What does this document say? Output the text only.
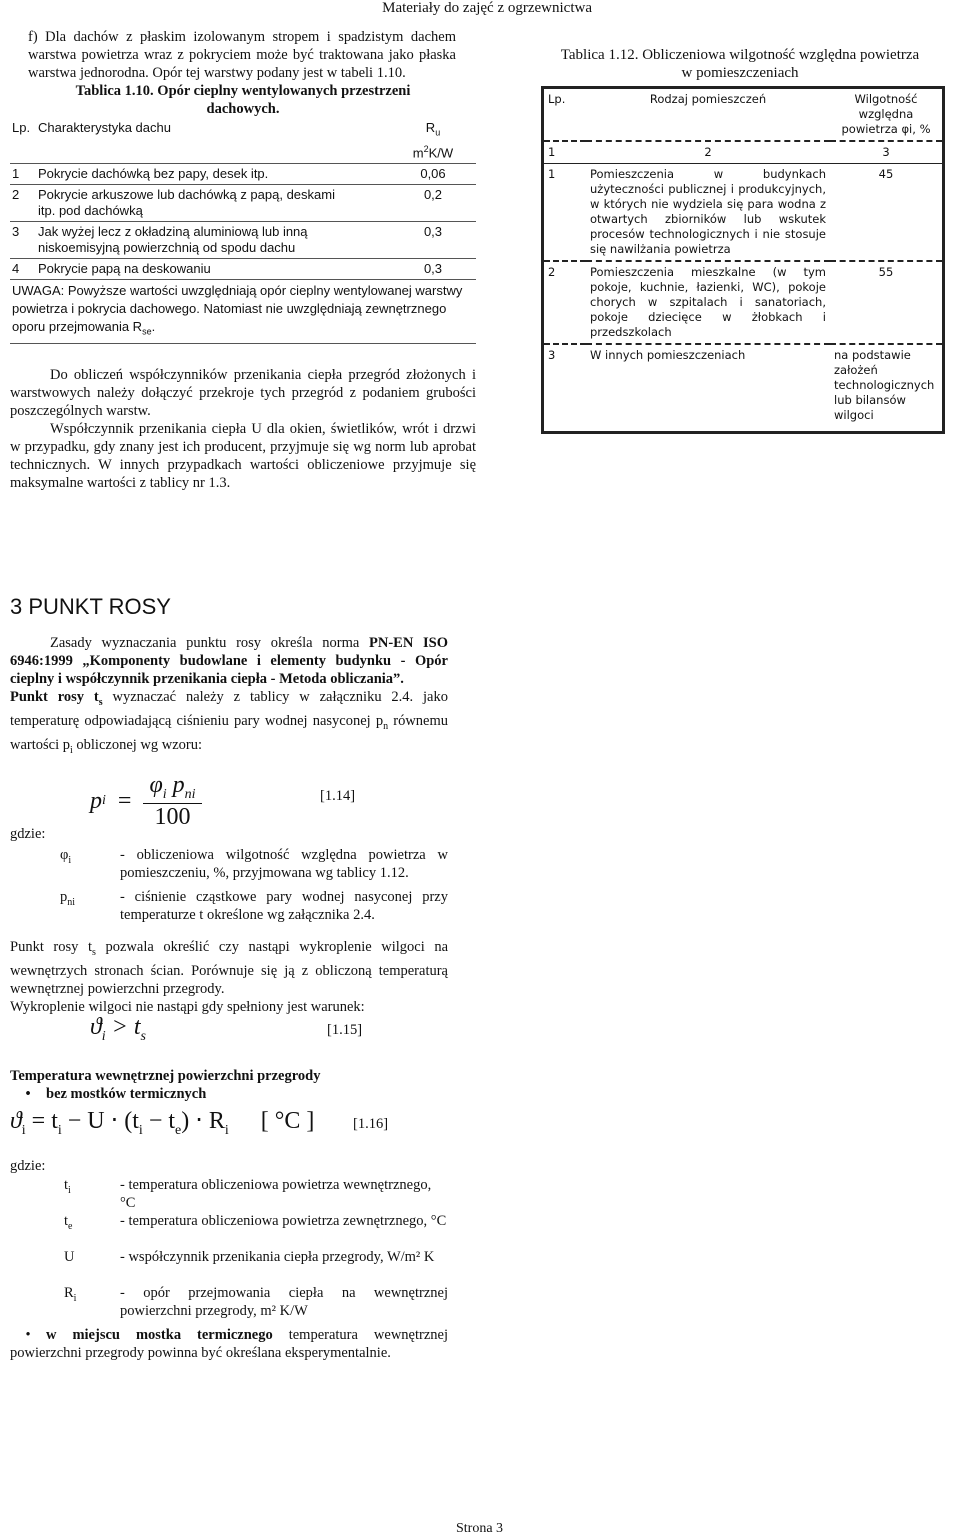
Materiały do zajęć z ogrzewnictwa
f) Dla dachów z płaskim izolowanym stropem i spadzistym dachem warstwa powietrza wraz z pokryciem może być traktowana jako płaska warstwa jednorodna. Opór tej warstwy podany jest w tabeli 1.10.
Tablica 1.10. Opór cieplny wentylowanych przestrzeni dachowych.
Lp.	Charakterystyka dachu	$R_u$
$m^2K/W$
1	Pokrycie dachówką bez papy, desek itp.	0,06
2	Pokrycie arkuszowe lub dachówką z papą, deskami itp. pod dachówką	0,2
3	Jak wyżej lecz z okładziną aluminiową lub inną niskoemisyjną powierzchnią od spodu dachu	0,3
4	Pokrycie papą na deskowaniu	0,3
UWAGA: Powyższe wartości uwzględniają opór cieplny wentylowanej warstwy powietrza i pokrycia dachowego. Natomiast nie uwzględniają zewnętrznego oporu przejmowania $R_{se}$.		

Do obliczeń współczynników przenikania ciepła przegród złożonych i warstwowych należy dołączyć przekroje tych przegród z podaniem grubości poszczególnych warstw.

Współczynnik przenikania ciepła U dla okien, świetlików, wrót i drzwi w przypadku, gdy znany jest ich producent, przyjmuje się wg norm lub aprobat technicznych. W innych przypadkach wartości obliczeniowe przyjmuje się maksymalne wartości z tablicy nr 1.3.

Tablica 1.12. Obliczeniowa wilgotność względna powietrza
w pomieszczeniach
Lp.	Rodzaj pomieszczeń	Wilgotność
względna
powietrza φi, %

1	2	3
1	Pomieszczenia w budynkach użyteczności publicznej i produkcyjnych, w których nie wydziela się para wodna z otwartych zbiorników lub wskutek procesów technologicznych i nie stosuje się nawilżania powietrza	45
2	Pomieszczenia mieszkalne (w tym pokoje, kuchnie, łazienki, WC), pokoje chorych w szpitalach i sanatoriach, pokoje dziecięce w żłobkach i przedszkolach	55
3	W innych pomieszczeniach	na podstawie założeń technologicznych lub bilansów wilgoci
3 PUNKT ROSY

Zasady wyznaczania punktu rosy określa norma PN-EN ISO 6946:1999 „Komponenty budowlane i elementy budynku - Opór cieplny i współczynnik przenikania ciepła - Metoda obliczania”.

Punkt rosy $t_s$ wyznaczać należy z tablicy w załączniku 2.4. jako temperaturę odpowiadającą ciśnieniu pary wodnej nasyconej $p_n$ równemu wartości $p_i$ obliczonej wg wzoru:

p i =
$\varphi_i$ $p_{ni}$
100
[1.14]
gdzie:
$\varphi_i$	- obliczeniowa wilgotność względna powietrza w pomieszczeniu, %, przyjmowana wg tablicy 1.12.
$p_{ni}$	- ciśnienie cząstkowe pary wodnej nasyconej przy temperaturze t określone wg załącznika 2.4.

Punkt rosy $t_s$ pozwala określić czy nastąpi wykroplenie wilgoci na wewnętrzych stronach ścian. Porównuje się ją z obliczoną temperaturą wewnętrznej powierzchni przegrody.

Wykroplenie wilgoci nie nastąpi gdy spełniony jest warunek:

$ϑ_i > t_s$	[1.15]
Temperatura wewnętrznej powierzchni przegrody
• bez mostków termicznych
$ϑ_i = t_i - U \cdot (t_i - t_e) \cdot R_i$ [ °C ]	[1.16]
gdzie:
$t_i$	- temperatura obliczeniowa powietrza wewnętrznego, °C
$t_e$	- temperatura obliczeniowa powietrza zewnętrznego, °C
U	- współczynnik przenikania ciepła przegrody, W/m² K
$R_i$	- opór przejmowania ciepła na wewnętrznej powierzchni przegrody, m² K/W

• w miejscu mostka termicznego temperatura wewnętrznej powierzchni przegrody powinna być określana eksperymentalnie.

Strona 3
